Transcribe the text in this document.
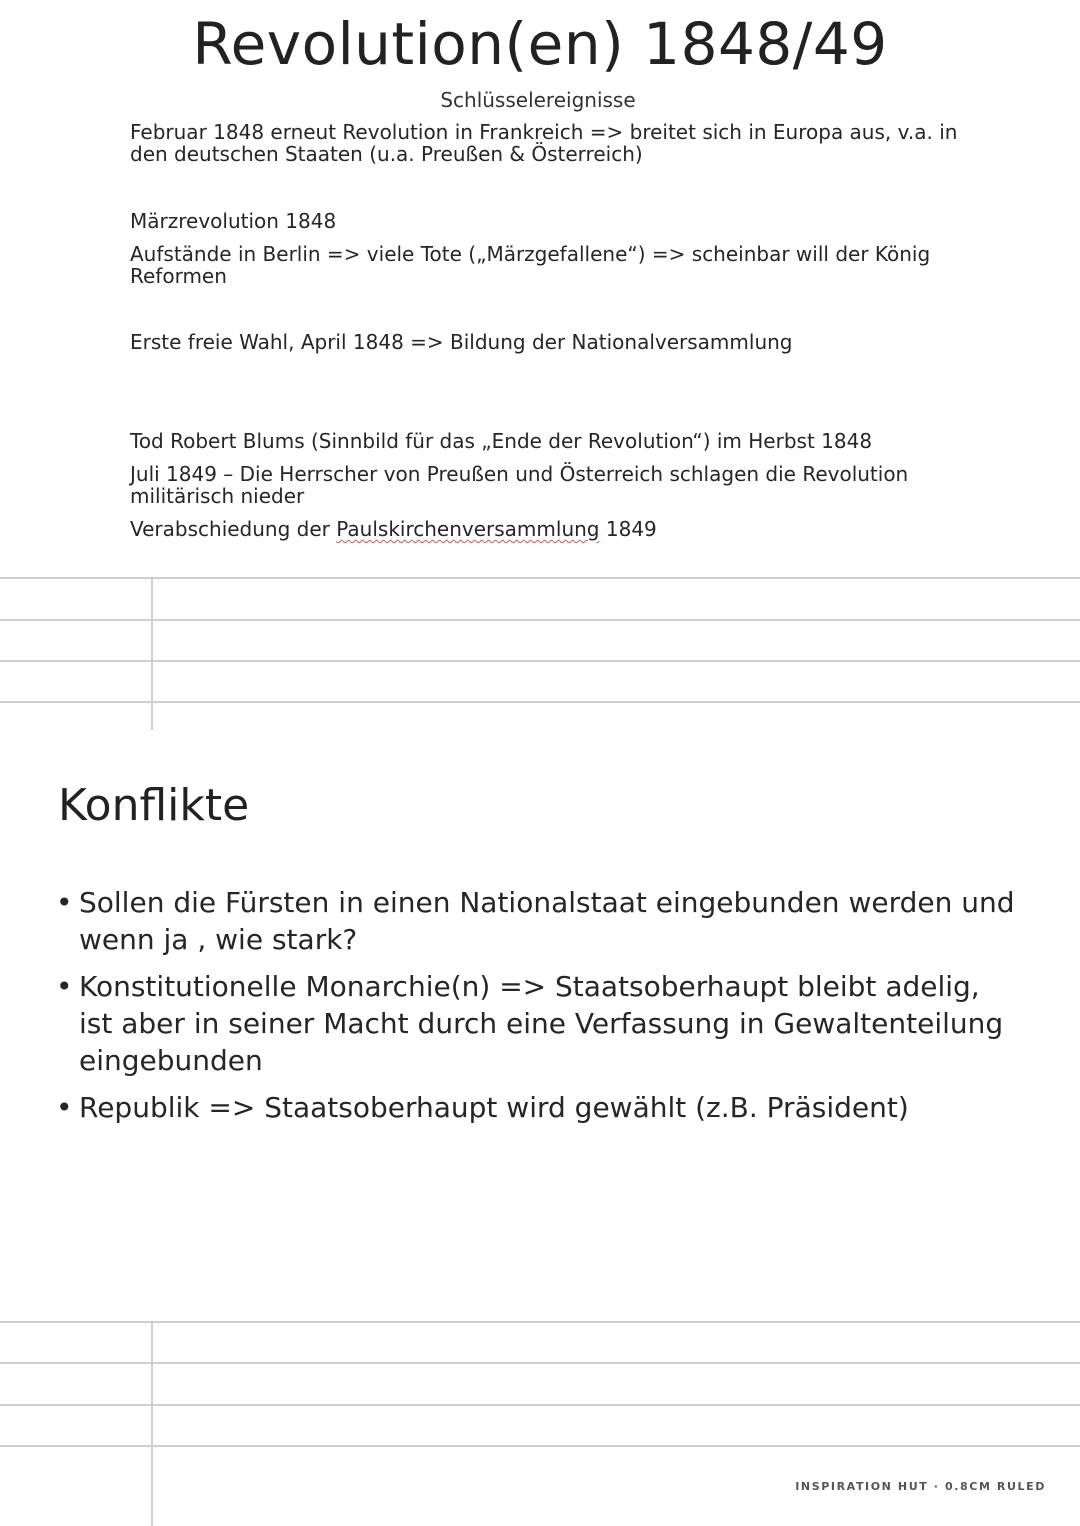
Revolution(en) 1848/49
Schlüsselereignisse

Februar 1848 erneut Revolution in Frankreich => breitet sich in Europa aus, v.a. in den deutschen Staaten (u.a. Preußen & Österreich)

Märzrevolution 1848

Aufstände in Berlin => viele Tote („Märzgefallene“) => scheinbar will der König Reformen

Erste freie Wahl, April 1848 => Bildung der Nationalversammlung

Tod Robert Blums (Sinnbild für das „Ende der Revolution“) im Herbst 1848

Juli 1849 – Die Herrscher von Preußen und Österreich schlagen die Revolution militärisch nieder

Verabschiedung der Paulskirchenversammlung 1849

Konflikte
• Sollen die Fürsten in einen Nationalstaat eingebunden werden und wenn ja , wie stark?
• Konstitutionelle Monarchie(n) => Staatsoberhaupt bleibt adelig, ist aber in seiner Macht durch eine Verfassung in Gewaltenteilung eingebunden
• Republik => Staatsoberhaupt wird gewählt (z.B. Präsident)
INSPIRATION HUT · 0.8CM RULED
